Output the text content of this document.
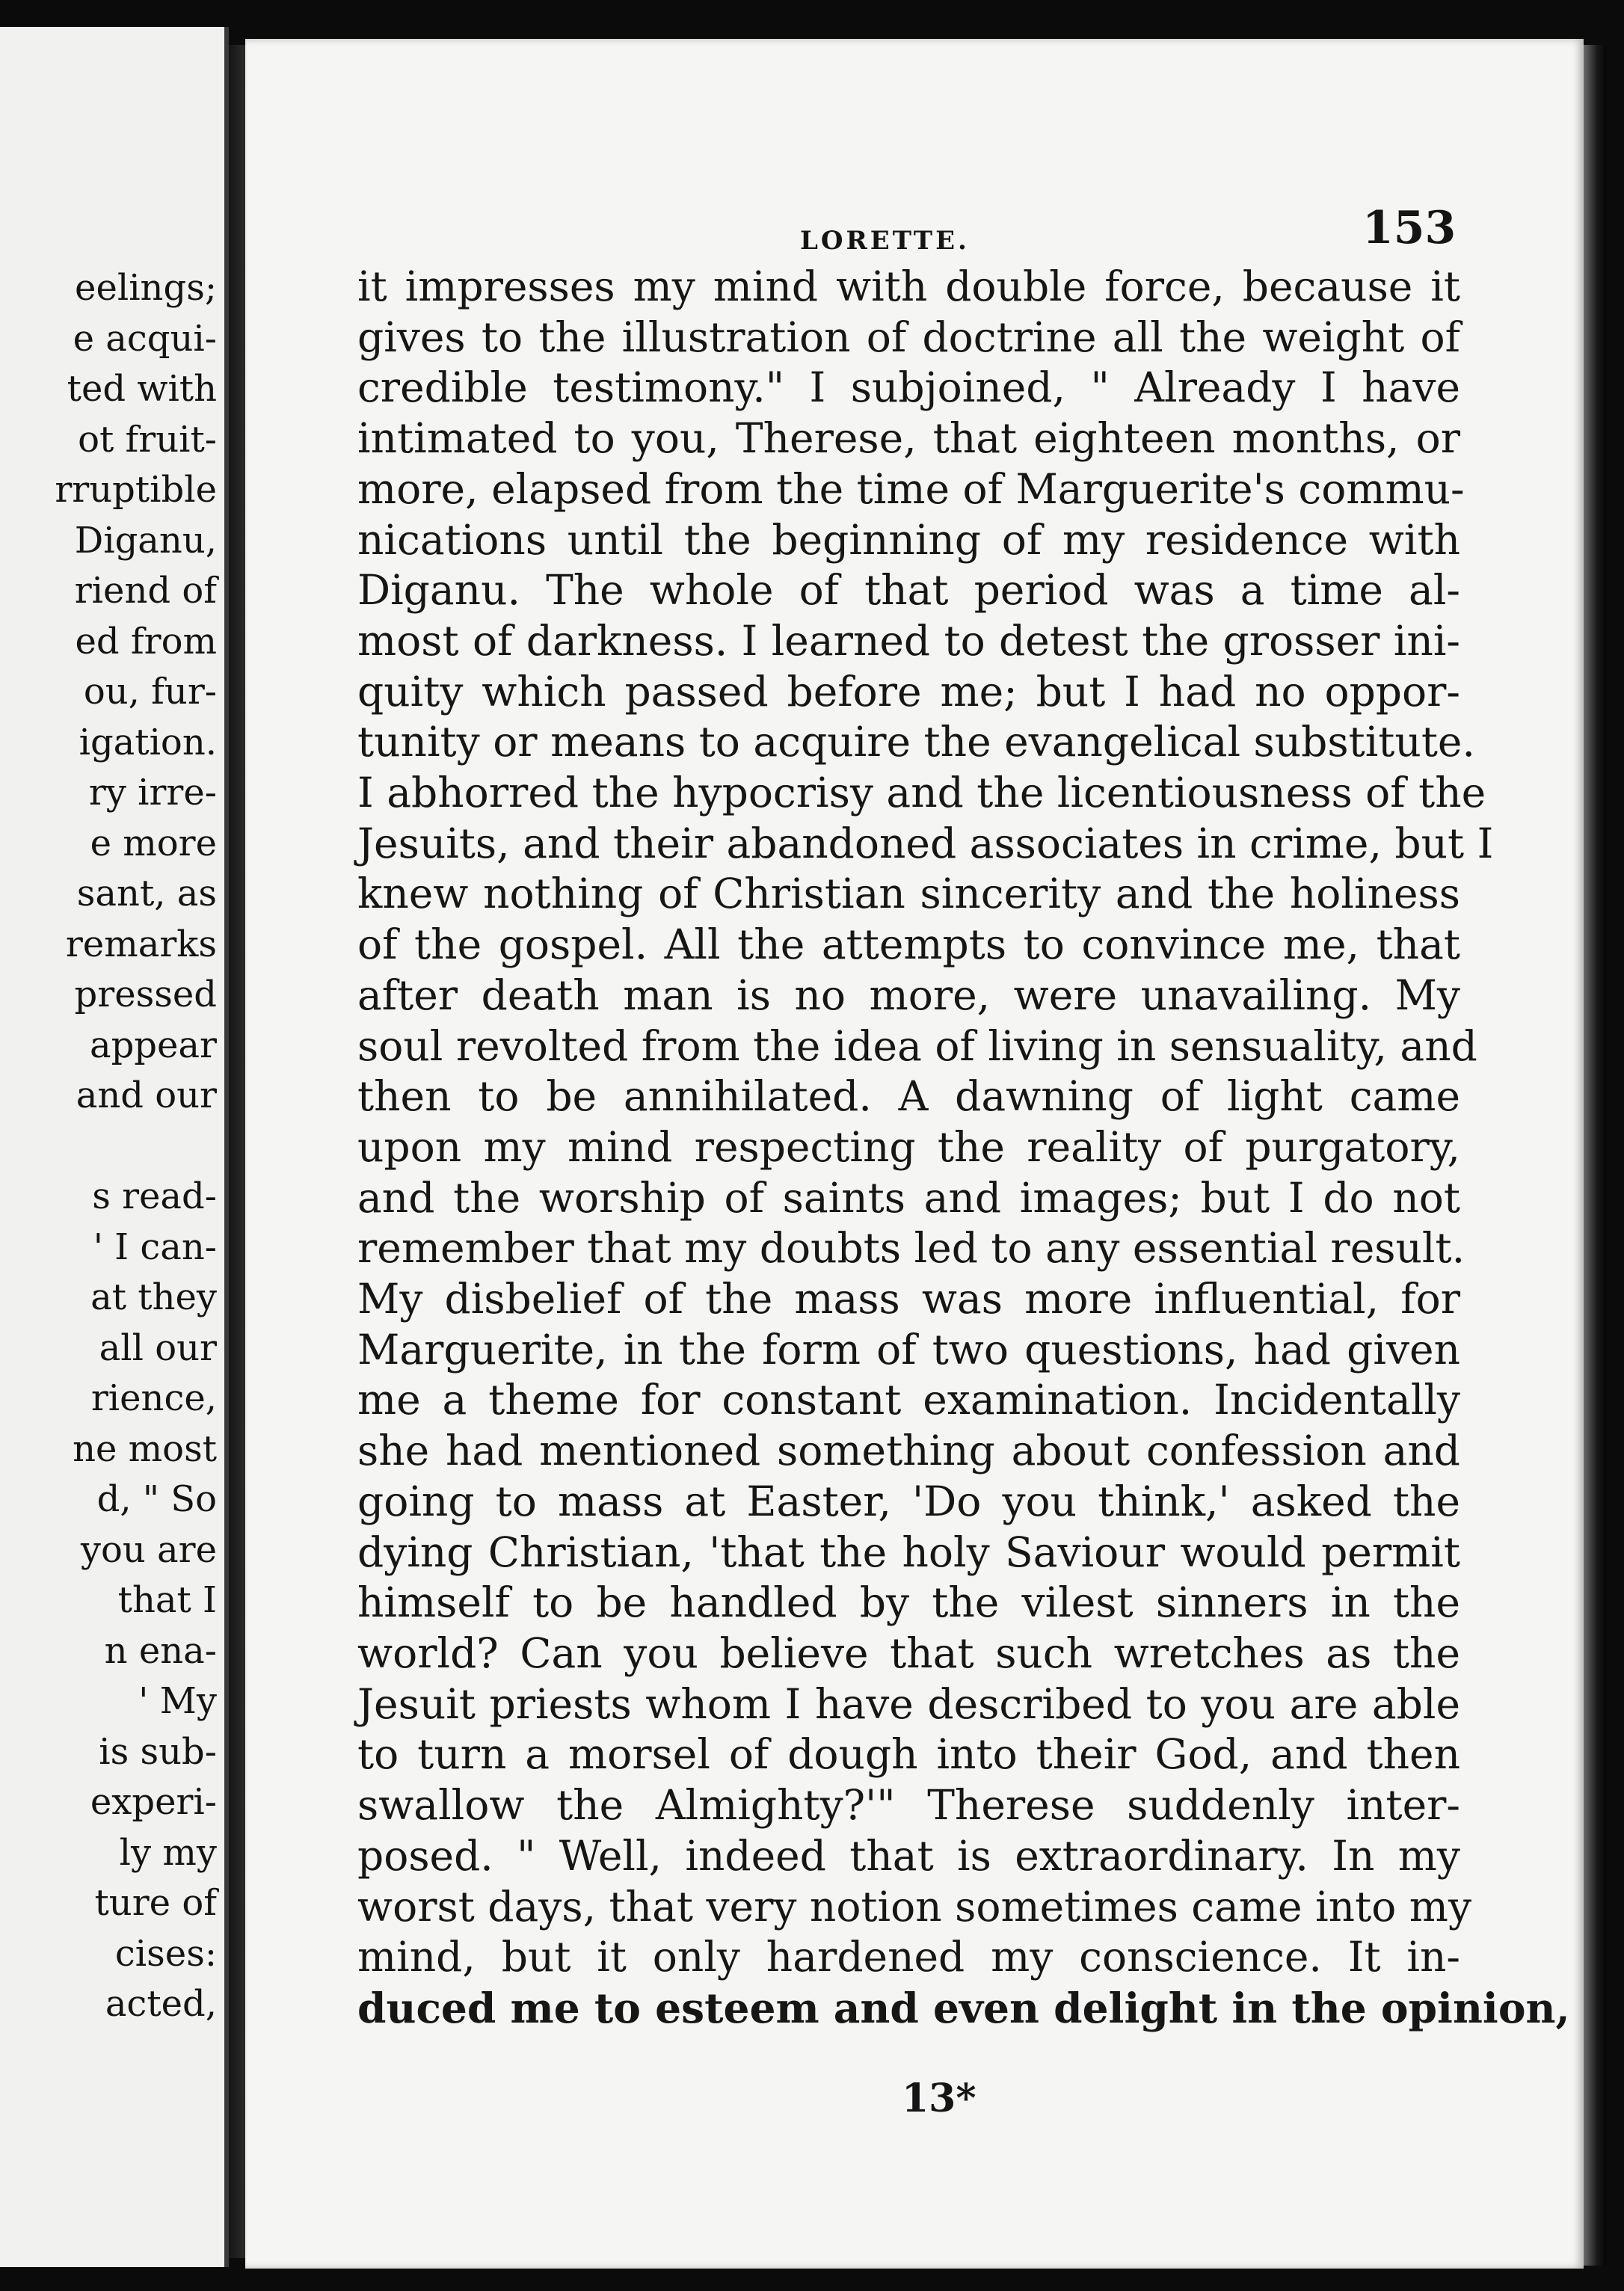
eelings;
e acqui-
ted with
ot fruit-
rruptible
Diganu,
riend of
ed from
ou, fur-
igation.
ry irre-
e more
sant, as
remarks
pressed
appear
and our
s read-
' I can-
at they
all our
rience,
ne most
d, " So
you are
that I
n ena-
' My
is sub-
experi-
ly my
ture of
cises:
acted,
LORETTE.	153
it impresses my mind with double force, because it
gives to the illustration of doctrine all the weight of
credible testimony." I subjoined, " Already I have
intimated to you, Therese, that eighteen months, or
more, elapsed from the time of Marguerite's commu-
nications until the beginning of my residence with
Diganu. The whole of that period was a time al-
most of darkness. I learned to detest the grosser ini-
quity which passed before me; but I had no oppor-
tunity or means to acquire the evangelical substitute.
I abhorred the hypocrisy and the licentiousness of the
Jesuits, and their abandoned associates in crime, but I
knew nothing of Christian sincerity and the holiness
of the gospel. All the attempts to convince me, that
after death man is no more, were unavailing. My
soul revolted from the idea of living in sensuality, and
then to be annihilated. A dawning of light came
upon my mind respecting the reality of purgatory,
and the worship of saints and images; but I do not
remember that my doubts led to any essential result.
My disbelief of the mass was more influential, for
Marguerite, in the form of two questions, had given
me a theme for constant examination. Incidentally
she had mentioned something about confession and
going to mass at Easter, 'Do you think,' asked the
dying Christian, 'that the holy Saviour would permit
himself to be handled by the vilest sinners in the
world? Can you believe that such wretches as the
Jesuit priests whom I have described to you are able
to turn a morsel of dough into their God, and then
swallow the Almighty?'" Therese suddenly inter-
posed. " Well, indeed that is extraordinary. In my
worst days, that very notion sometimes came into my
mind, but it only hardened my conscience. It in-
duced me to esteem and even delight in the opinion,
13*
